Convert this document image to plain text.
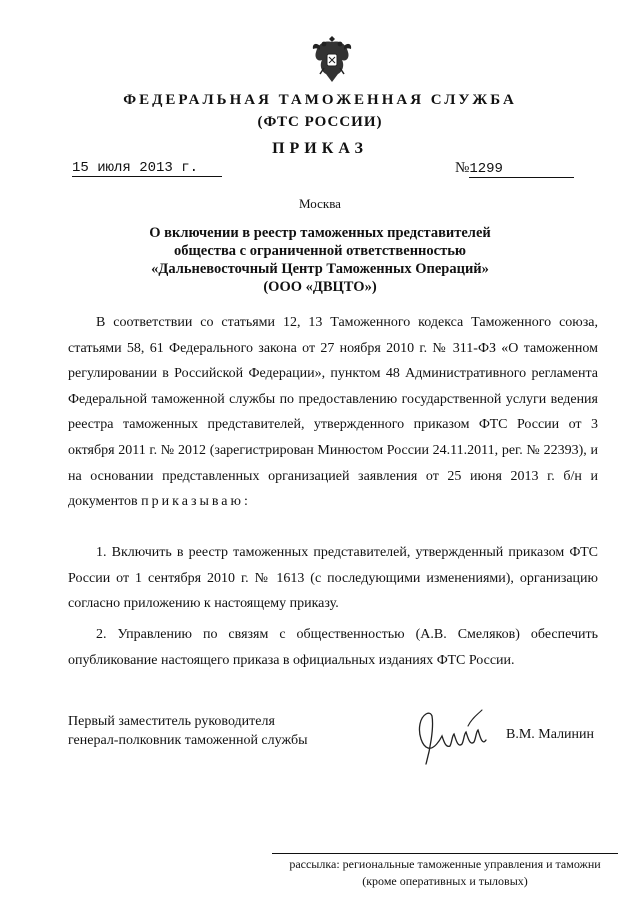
ФЕДЕРАЛЬНАЯ ТАМОЖЕННАЯ СЛУЖБА
(ФТС РОССИИ)
ПРИКАЗ
15 июля 2013 г.	№1299
Москва
О включении в реестр таможенных представителей
общества с ограниченной ответственностью
«Дальневосточный Центр Таможенных Операций»
(ООО «ДВЦТО»)
В соответствии со статьями 12, 13 Таможенного кодекса Таможенного союза, статьями 58, 61 Федерального закона от 27 ноября 2010 г. № 311-ФЗ «О таможенном регулировании в Российской Федерации», пунктом 48 Административного регламента Федеральной таможенной службы по предоставлению государственной услуги ведения реестра таможенных представителей, утвержденного приказом ФТС России от 3 октября 2011 г. № 2012 (зарегистрирован Минюстом России 24.11.2011, рег. № 22393), и на основании представленных организацией заявления от 25 июня 2013 г. б/н и документов приказываю:
1. Включить в реестр таможенных представителей, утвержденный приказом ФТС России от 1 сентября 2010 г. № 1613 (с последующими изменениями), организацию согласно приложению к настоящему приказу.
2. Управлению по связям с общественностью (А.В. Смеляков) обеспечить опубликование настоящего приказа в официальных изданиях ФТС России.
Первый заместитель руководителя
генерал-полковник таможенной службы	В.М. Малинин
рассылка: региональные таможенные управления и таможни
(кроме оперативных и тыловых)
